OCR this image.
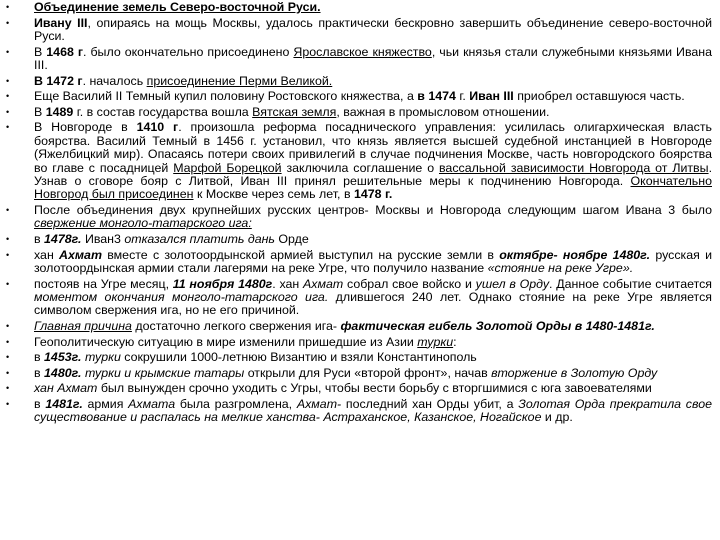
• Объединение земель Северо-восточной Руси.
• Ивану III, опираясь на мощь Москвы, удалось практически бескровно завершить объединение северо-восточной Руси.
• В 1468 г. было окончательно присоединено Ярославское княжество, чьи князья стали служебными князьями Ивана III.
• В 1472 г. началось присоединение Перми Великой.
• Еще Василий II Темный купил половину Ростовского княжества, а в 1474 г. Иван III приобрел оставшуюся часть.
• В 1489 г. в состав государства вошла Вятская земля, важная в промысловом отношении.
• В Новгороде в 1410 г. произошла реформа посаднического управления: усилилась олигархическая власть боярства. Василий Темный в 1456 г. установил, что князь является высшей судебной инстанцией в Новгороде (Яжелбицкий мир). Опасаясь потери своих привилегий в случае подчинения Москве, часть новгородского боярства во главе с посадницей Марфой Борецкой заключила соглашение о вассальной зависимости Новгорода от Литвы. Узнав о сговоре бояр с Литвой, Иван III принял решительные меры к подчинению Новгорода. Окончательно Новгород был присоединен к Москве через семь лет, в 1478 г.
• После объединения двух крупнейших русских центров- Москвы и Новгорода следующим шагом Ивана 3 было свержение монголо-татарского ига:
• в 1478г. Иван3 отказался платить дань Орде
• хан Ахмат вместе с золотоордынской армией выступил на русские земли в октябре- ноябре 1480г. русская и золотоордынская армии стали лагерями на реке Угре, что получило название «стояние на реке Угре».
• постояв на Угре месяц, 11 ноября 1480г. хан Ахмат собрал свое войско и ушел в Орду. Данное событие считается моментом окончания монголо-татарского ига. длившегося 240 лет. Однако стояние на реке Угре является символом свержения ига, но не его причиной.
• Главная причина достаточно легкого свержения ига- фактическая гибель Золотой Орды в 1480-1481г.
• Геополитическую ситуацию в мире изменили пришедшие из Азии турки:
• в 1453г. турки сокрушили 1000-летнюю Византию и взяли Константинополь
• в 1480г. турки и крымские татары открыли для Руси «второй фронт», начав вторжение в Золотую Орду
• хан Ахмат был вынужден срочно уходить с Угры, чтобы вести борьбу с вторгшимися с юга завоевателями
• в 1481г. армия Ахмата была разгромлена, Ахмат- последний хан Орды убит, а Золотая Орда прекратила свое существование и распалась на мелкие ханства- Астраханское, Казанское, Ногайское и др.
